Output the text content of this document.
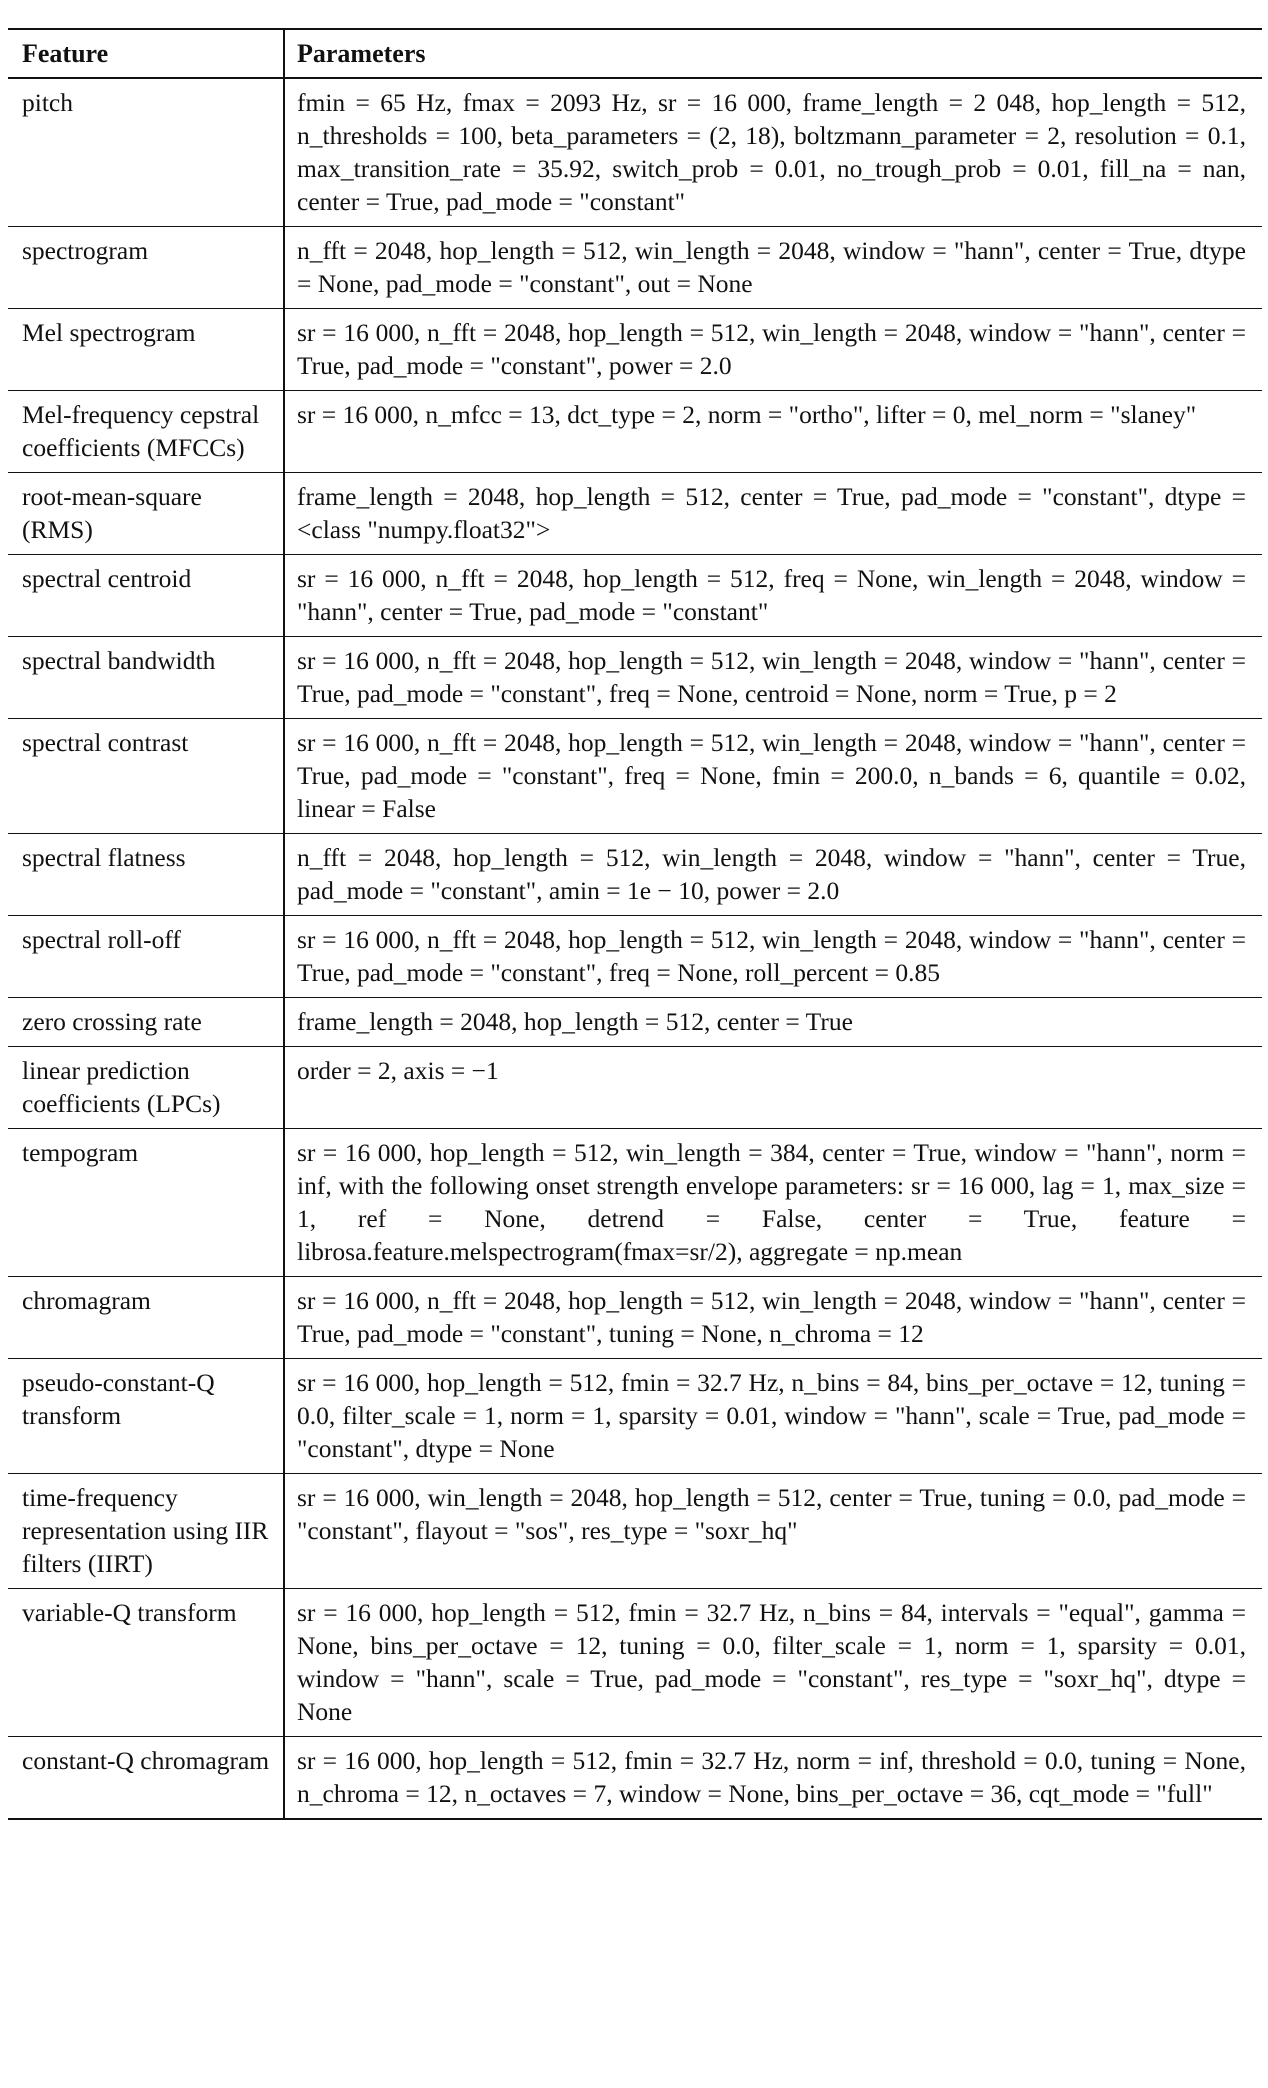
Feature	Parameters
pitch	fmin = 65 Hz, fmax = 2093 Hz, sr = 16 000, frame_length = 2 048, hop_length = 512, n_thresholds = 100, beta_parameters = (2, 18), boltzmann_parameter = 2, resolution = 0.1, max_transition_rate = 35.92, switch_prob = 0.01, no_trough_prob = 0.01, fill_na = nan, center = True, pad_mode = "constant"
spectrogram	n_fft = 2048, hop_length = 512, win_length = 2048, window = "hann", center = True, dtype = None, pad_mode = "constant", out = None
Mel spectrogram	sr = 16 000, n_fft = 2048, hop_length = 512, win_length = 2048, window = "hann", center = True, pad_mode = "constant", power = 2.0
Mel-frequency cepstral coefficients (MFCCs)	sr = 16 000, n_mfcc = 13, dct_type = 2, norm = "ortho", lifter = 0, mel_norm = "slaney"
root-mean-square (RMS)	frame_length = 2048, hop_length = 512, center = True, pad_mode = "constant", dtype = <class "numpy.float32">
spectral centroid	sr = 16 000, n_fft = 2048, hop_length = 512, freq = None, win_length = 2048, window = "hann", center = True, pad_mode = "constant"
spectral bandwidth	sr = 16 000, n_fft = 2048, hop_length = 512, win_length = 2048, window = "hann", center = True, pad_mode = "constant", freq = None, centroid = None, norm = True, p = 2
spectral contrast	sr = 16 000, n_fft = 2048, hop_length = 512, win_length = 2048, window = "hann", center = True, pad_mode = "constant", freq = None, fmin = 200.0, n_bands = 6, quantile = 0.02, linear = False
spectral flatness	n_fft = 2048, hop_length = 512, win_length = 2048, window = "hann", center = True, pad_mode = "constant", amin = 1e − 10, power = 2.0
spectral roll-off	sr = 16 000, n_fft = 2048, hop_length = 512, win_length = 2048, window = "hann", center = True, pad_mode = "constant", freq = None, roll_percent = 0.85
zero crossing rate	frame_length = 2048, hop_length = 512, center = True
linear prediction coefficients (LPCs)	order = 2, axis = −1
tempogram	sr = 16 000, hop_length = 512, win_length = 384, center = True, window = "hann", norm = inf, with the following onset strength envelope parameters: sr = 16 000, lag = 1, max_size = 1, ref = None, detrend = False, center = True, feature = librosa.feature.melspectrogram(fmax=sr/2), aggregate = np.mean
chromagram	sr = 16 000, n_fft = 2048, hop_length = 512, win_length = 2048, window = "hann", center = True, pad_mode = "constant", tuning = None, n_chroma = 12
pseudo-constant-Q transform	sr = 16 000, hop_length = 512, fmin = 32.7 Hz, n_bins = 84, bins_per_octave = 12, tuning = 0.0, filter_scale = 1, norm = 1, sparsity = 0.01, window = "hann", scale = True, pad_mode = "constant", dtype = None
time-frequency representation using IIR filters (IIRT)	sr = 16 000, win_length = 2048, hop_length = 512, center = True, tuning = 0.0, pad_mode = "constant", flayout = "sos", res_type = "soxr_hq"
variable-Q transform	sr = 16 000, hop_length = 512, fmin = 32.7 Hz, n_bins = 84, intervals = "equal", gamma = None, bins_per_octave = 12, tuning = 0.0, filter_scale = 1, norm = 1, sparsity = 0.01, window = "hann", scale = True, pad_mode = "constant", res_type = "soxr_hq", dtype = None
constant-Q chromagram	sr = 16 000, hop_length = 512, fmin = 32.7 Hz, norm = inf, threshold = 0.0, tuning = None, n_chroma = 12, n_octaves = 7, window = None, bins_per_octave = 36, cqt_mode = "full"
